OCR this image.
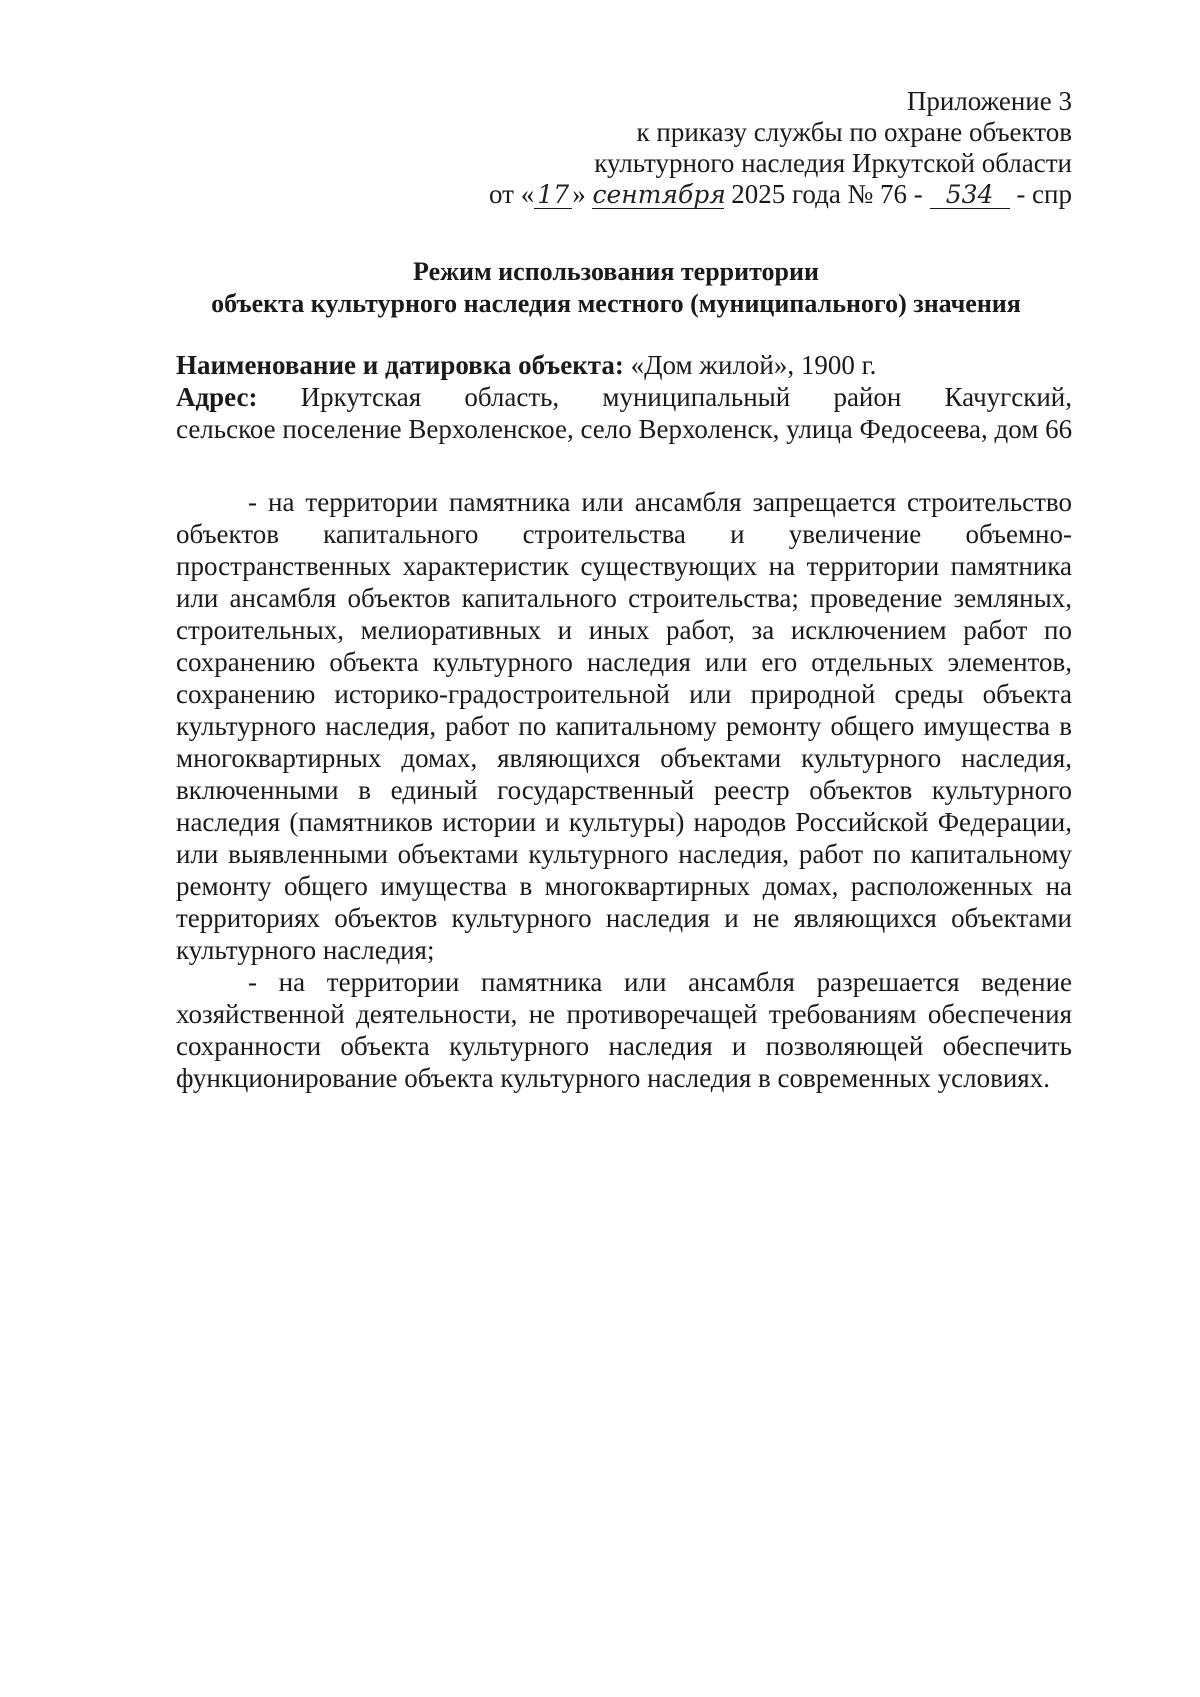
Приложение 3
к приказу службы по охране объектов
культурного наследия Иркутской области
от « 17 » сентября 2025 года № 76 - 534 - спр
Режим использования территории
объекта культурного наследия местного (муниципального) значения
Наименование и датировка объекта: «Дом жилой», 1900 г.
Адрес: Иркутская область, муниципальный район Качугский,
сельское поселение Верхоленское, село Верхоленск, улица Федосеева, дом 66

- на территории памятника или ансамбля запрещается строительство объектов капитального строительства и увеличение объемно-пространственных характеристик существующих на территории памятника или ансамбля объектов капитального строительства; проведение земляных, строительных, мелиоративных и иных работ, за исключением работ по сохранению объекта культурного наследия или его отдельных элементов, сохранению историко-градостроительной или природной среды объекта культурного наследия, работ по капитальному ремонту общего имущества в многоквартирных домах, являющихся объектами культурного наследия, включенными в единый государственный реестр объектов культурного наследия (памятников истории и культуры) народов Российской Федерации, или выявленными объектами культурного наследия, работ по капитальному ремонту общего имущества в многоквартирных домах, расположенных на территориях объектов культурного наследия и не являющихся объектами культурного наследия;

- на территории памятника или ансамбля разрешается ведение хозяйственной деятельности, не противоречащей требованиям обеспечения сохранности объекта культурного наследия и позволяющей обеспечить функционирование объекта культурного наследия в современных условиях.
